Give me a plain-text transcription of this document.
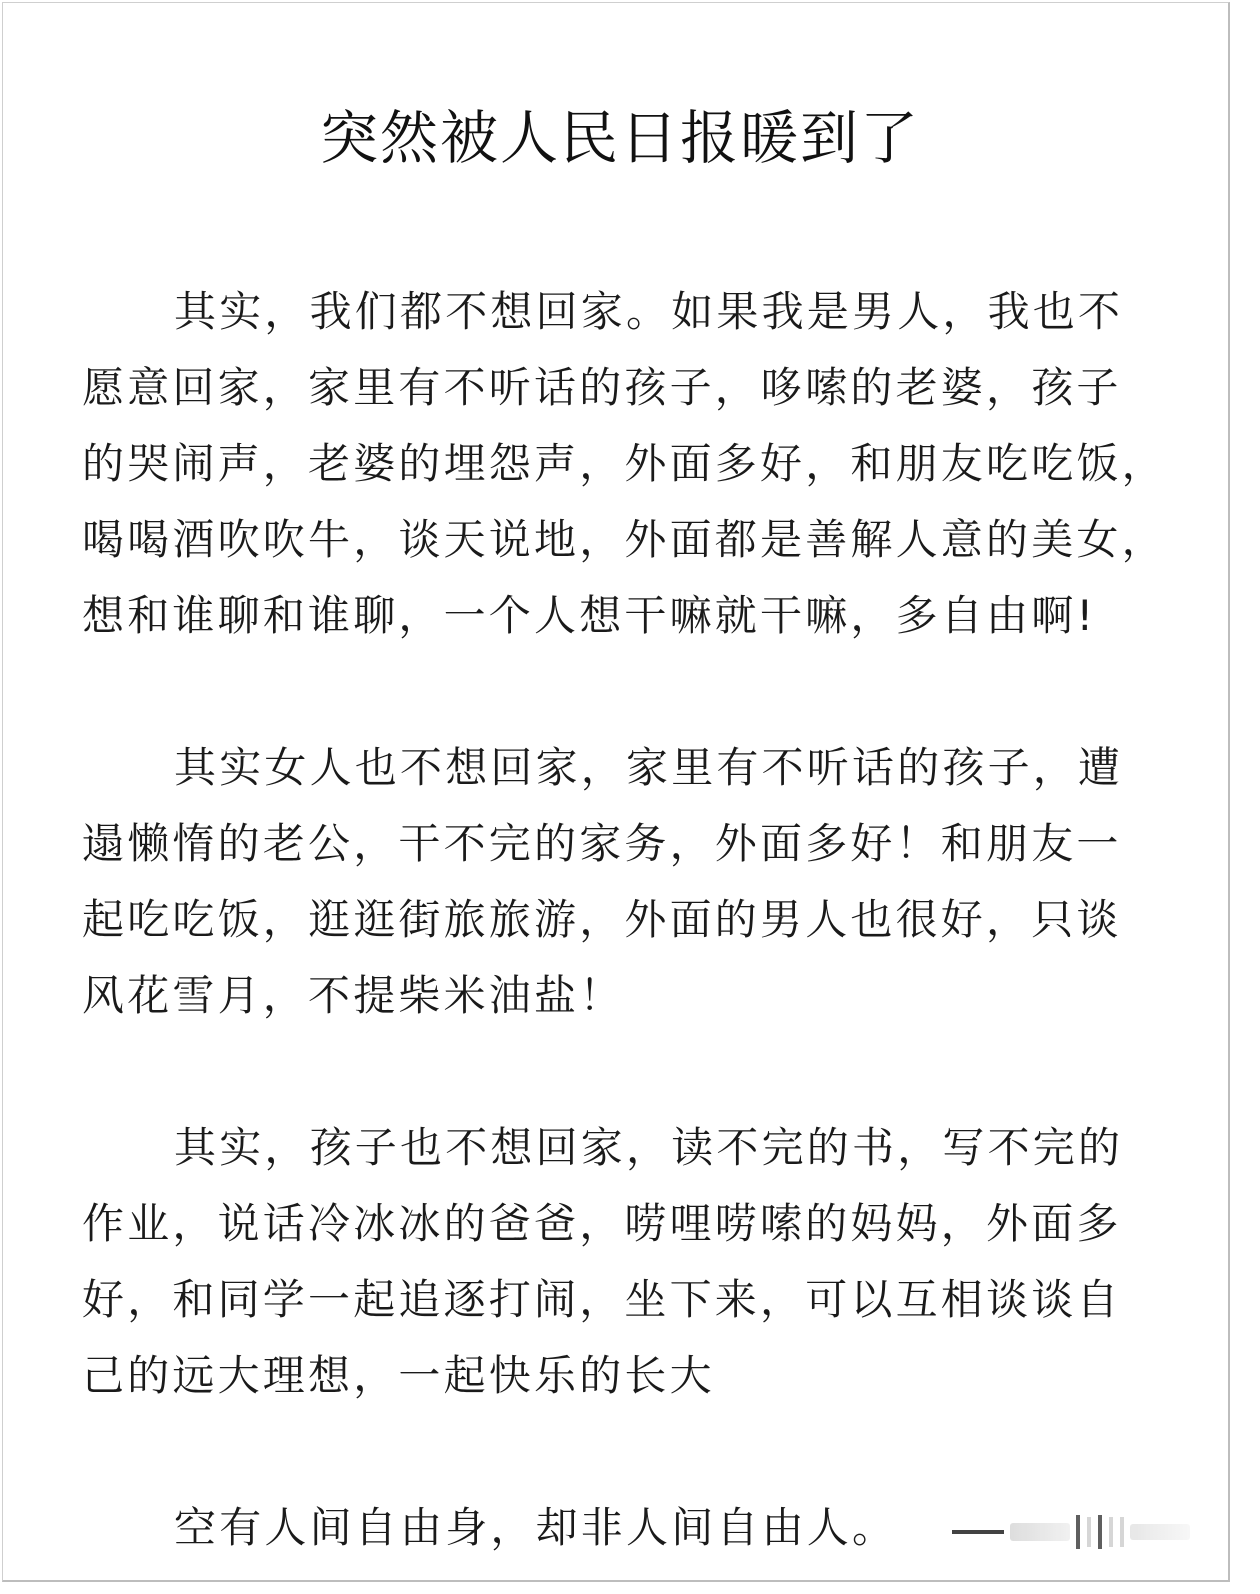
突然被人民日报暖到了

其实，我们都不想回家。如果我是男人，我也不
愿意回家，家里有不听话的孩子，哆嗦的老婆，孩子
的哭闹声，老婆的埋怨声，外面多好，和朋友吃吃饭，
喝喝酒吹吹牛，谈天说地，外面都是善解人意的美女，
想和谁聊和谁聊，一个人想干嘛就干嘛，多自由啊!

其实女人也不想回家，家里有不听话的孩子，遭
遢懒惰的老公，干不完的家务，外面多好！和朋友一
起吃吃饭，逛逛街旅旅游，外面的男人也很好，只谈
风花雪月，不提柴米油盐！

其实，孩子也不想回家，读不完的书，写不完的
作业，说话冷冰冰的爸爸，唠哩唠嗦的妈妈，外面多
好，和同学一起追逐打闹，坐下来，可以互相谈谈自
己的远大理想，一起快乐的长大

空有人间自由身，却非人间自由人。
